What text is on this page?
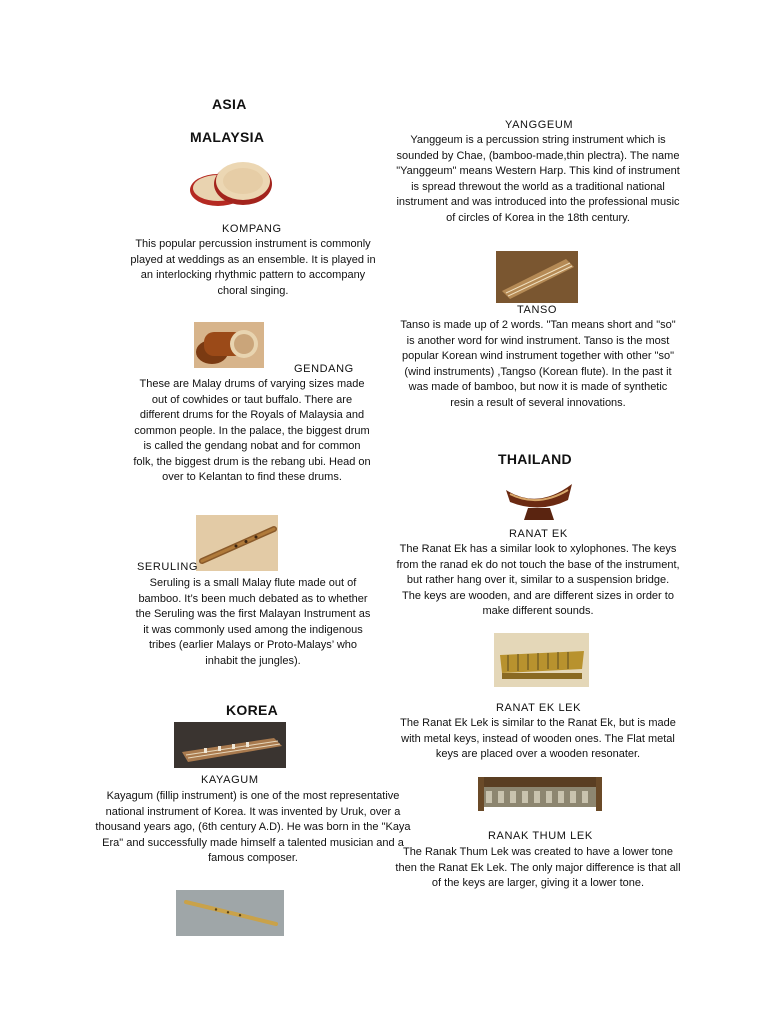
ASIA
MALAYSIA
KOMPANG
This popular percussion instrument is commonly played at weddings as an ensemble. It is played in an interlocking rhythmic pattern to accompany choral singing.
GENDANG
These are Malay drums of varying sizes made out of cowhides or taut buffalo. There are different drums for the Royals of Malaysia and common people. In the palace, the biggest drum is called the gendang nobat and for common folk, the biggest drum is the rebang ubi. Head on over to Kelantan to find these drums.
SERULING
Seruling is a small Malay flute made out of bamboo. It’s been much debated as to whether the Seruling was the first Malayan Instrument as it was commonly used among the indigenous tribes (earlier Malays or Proto-Malays’ who inhabit the jungles).
KOREA
KAYAGUM
Kayagum (fillip instrument) is one of the most representative national instrument of Korea. It was invented by Uruk, over a thousand years ago, (6th century A.D). He was born in the "Kaya Era" and successfully made himself a talented musician and a famous composer.
YANGGEUM
Yanggeum is a percussion string instrument which is sounded by Chae, (bamboo-made,thin plectra). The name "Yanggeum" means Western Harp. This kind of instrument is spread threwout the world as a traditional national instrument and was introduced into the professional music of circles of Korea in the 18th century.
TANSO
Tanso is made up of 2 words. "Tan means short and "so" is another word for wind instrument. Tanso is the most popular Korean wind instrument together with other "so" (wind instruments) ,Tangso (Korean flute). In the past it was made of bamboo, but now it is made of synthetic resin a result of several innovations.
THAILAND
RANAT EK
The Ranat Ek has a similar look to xylophones. The keys from the ranad ek do not touch the base of the instrument, but rather hang over it, similar to a suspension bridge. The keys are wooden, and are different sizes in order to make different sounds.
RANAT EK LEK
The Ranat Ek Lek is similar to the Ranat Ek, but is made with metal keys, instead of wooden ones. The Flat metal keys are placed over a wooden resonater.
RANAK THUM LEK
The Ranak Thum Lek was created to have a lower tone then the Ranat Ek Lek. The only major difference is that all of the keys are larger, giving it a lower tone.
